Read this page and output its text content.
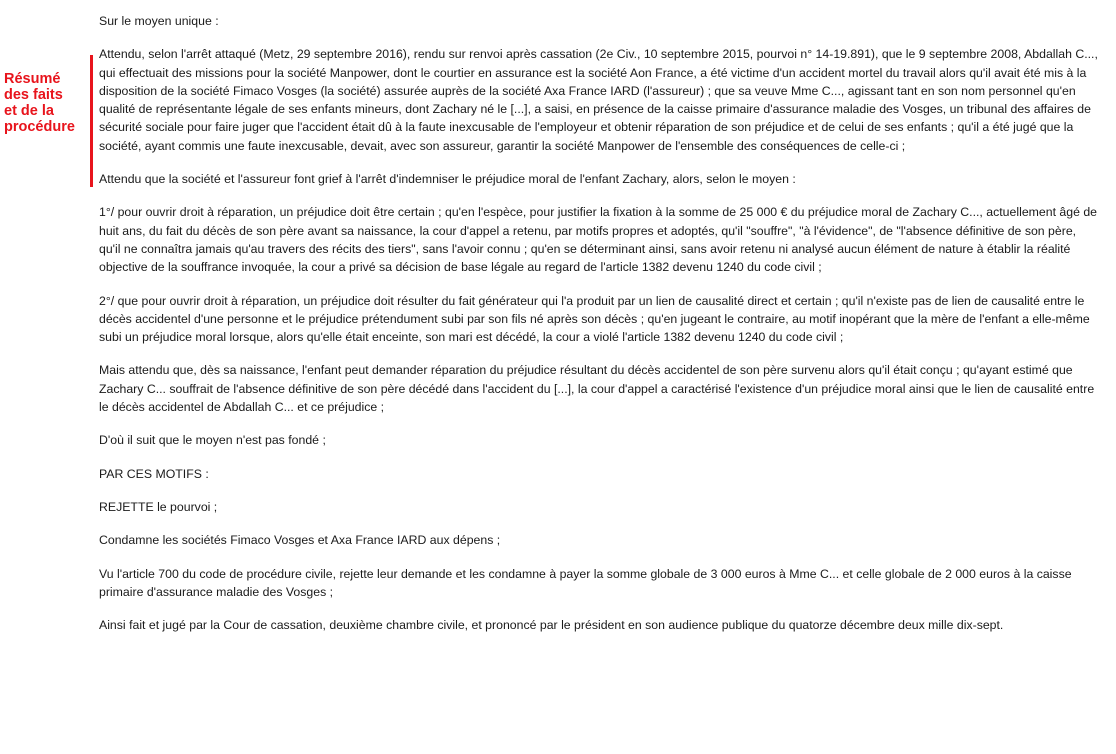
Résumé
des faits
et de la
procédure

Sur le moyen unique :

Attendu, selon l'arrêt attaqué (Metz, 29 septembre 2016), rendu sur renvoi après cassation (2e Civ., 10 septembre 2015, pourvoi n° 14-19.891), que le 9 septembre 2008, Abdallah C..., qui effectuait des missions pour la société Manpower, dont le courtier en assurance est la société Aon France, a été victime d'un accident mortel du travail alors qu'il avait été mis à la disposition de la société Fimaco Vosges (la société) assurée auprès de la société Axa France IARD (l'assureur) ; que sa veuve Mme C..., agissant tant en son nom personnel qu'en qualité de représentante légale de ses enfants mineurs, dont Zachary né le [...], a saisi, en présence de la caisse primaire d'assurance maladie des Vosges, un tribunal des affaires de sécurité sociale pour faire juger que l'accident était dû à la faute inexcusable de l'employeur et obtenir réparation de son préjudice et de celui de ses enfants ; qu'il a été jugé que la société, ayant commis une faute inexcusable, devait, avec son assureur, garantir la société Manpower de l'ensemble des conséquences de celle-ci ;

Attendu que la société et l'assureur font grief à l'arrêt d'indemniser le préjudice moral de l'enfant Zachary, alors, selon le moyen :

1°/ pour ouvrir droit à réparation, un préjudice doit être certain ; qu'en l'espèce, pour justifier la fixation à la somme de 25 000 € du préjudice moral de Zachary C..., actuellement âgé de huit ans, du fait du décès de son père avant sa naissance, la cour d'appel a retenu, par motifs propres et adoptés, qu'il "souffre", "à l'évidence", de "l'absence définitive de son père, qu'il ne connaîtra jamais qu'au travers des récits des tiers", sans l'avoir connu ; qu'en se déterminant ainsi, sans avoir retenu ni analysé aucun élément de nature à établir la réalité objective de la souffrance invoquée, la cour a privé sa décision de base légale au regard de l'article 1382 devenu 1240 du code civil ;

2°/ que pour ouvrir droit à réparation, un préjudice doit résulter du fait générateur qui l'a produit par un lien de causalité direct et certain ; qu'il n'existe pas de lien de causalité entre le décès accidentel d'une personne et le préjudice prétendument subi par son fils né après son décès ; qu'en jugeant le contraire, au motif inopérant que la mère de l'enfant a elle-même subi un préjudice moral lorsque, alors qu'elle était enceinte, son mari est décédé, la cour a violé l'article 1382 devenu 1240 du code civil ;

Mais attendu que, dès sa naissance, l'enfant peut demander réparation du préjudice résultant du décès accidentel de son père survenu alors qu'il était conçu ; qu'ayant estimé que Zachary C... souffrait de l'absence définitive de son père décédé dans l'accident du [...], la cour d'appel a caractérisé l'existence d'un préjudice moral ainsi que le lien de causalité entre le décès accidentel de Abdallah C... et ce préjudice ;

D'où il suit que le moyen n'est pas fondé ;

PAR CES MOTIFS :

REJETTE le pourvoi ;

Condamne les sociétés Fimaco Vosges et Axa France IARD aux dépens ;

Vu l'article 700 du code de procédure civile, rejette leur demande et les condamne à payer la somme globale de 3 000 euros à Mme C... et celle globale de 2 000 euros à la caisse primaire d'assurance maladie des Vosges ;

Ainsi fait et jugé par la Cour de cassation, deuxième chambre civile, et prononcé par le président en son audience publique du quatorze décembre deux mille dix-sept.
